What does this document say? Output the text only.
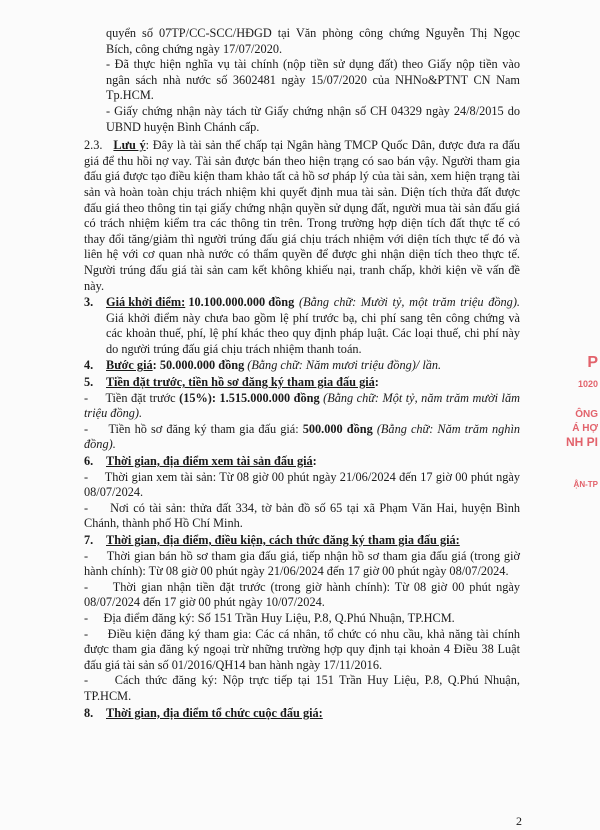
quyển số 07TP/CC-SCC/HĐGD tại Văn phòng công chứng Nguyễn Thị Ngọc Bích, công chứng ngày 17/07/2020.

- Đã thực hiện nghĩa vụ tài chính (nộp tiền sử dụng đất) theo Giấy nộp tiền vào ngân sách nhà nước số 3602481 ngày 15/07/2020 của NHNo&PTNT CN Nam Tp.HCM.

- Giấy chứng nhận này tách từ Giấy chứng nhận số CH 04329 ngày 24/8/2015 do UBND huyện Bình Chánh cấp.

2.3. Lưu ý: Đây là tài sản thế chấp tại Ngân hàng TMCP Quốc Dân, được đưa ra đấu giá để thu hồi nợ vay. Tài sản được bán theo hiện trạng có sao bán vậy. Người tham gia đấu giá được tạo điều kiện tham khảo tất cả hồ sơ pháp lý của tài sản, xem hiện trạng tài sản và hoàn toàn chịu trách nhiệm khi quyết định mua tài sản. Diện tích thửa đất được đấu giá theo thông tin tại giấy chứng nhận quyền sử dụng đất, người mua tài sản đấu giá có trách nhiệm kiểm tra các thông tin trên. Trong trường hợp diện tích đất thực tế có thay đổi tăng/giảm thì người trúng đấu giá chịu trách nhiệm với diện tích thực tế đó và liên hệ với cơ quan nhà nước có thẩm quyền để được ghi nhận diện tích theo thực tế. Người trúng đấu giá tài sản cam kết không khiếu nại, tranh chấp, khởi kiện về vấn đề này.

3.	Giá khởi điểm:
10.100.000.000 đồng (Bằng chữ: Mười tỷ, một trăm triệu đồng). Giá khởi điểm này chưa bao gồm lệ phí trước bạ, chi phí sang tên công chứng và các khoản thuế, phí, lệ phí khác theo quy định pháp luật. Các loại thuế, chi phí này do người trúng đấu giá chịu trách nhiệm thanh toán.

4.	Bước giá :
50.000.000 đồng
(Bằng chữ: Năm mươi triệu đồng)/ lần.
5.	Tiền đặt trước, tiền hồ sơ đăng ký tham gia đấu giá :

-     Tiền đặt trước (15%): 1.515.000.000 đồng (Bằng chữ: Một tỷ, năm trăm mười lăm triệu đồng).

-     Tiền hồ sơ đăng ký tham gia đấu giá: 500.000 đồng (Bằng chữ: Năm trăm nghìn đồng).

6.	Thời gian, địa điểm xem tài sản đấu giá :

-     Thời gian xem tài sản: Từ 08 giờ 00 phút ngày 21/06/2024 đến 17 giờ 00 phút ngày 08/07/2024.

-     Nơi có tài sản: thửa đất 334, tờ bản đồ số 65 tại xã Phạm Văn Hai, huyện Bình Chánh, thành phố Hồ Chí Minh.

7.	Thời gian, địa điểm, điều kiện, cách thức đăng ký tham gia đấu giá:

-     Thời gian bán hồ sơ tham gia đấu giá, tiếp nhận hồ sơ tham gia đấu giá (trong giờ hành chính): Từ 08 giờ 00 phút ngày 21/06/2024 đến 17 giờ 00 phút ngày 08/07/2024.

-     Thời gian nhận tiền đặt trước (trong giờ hành chính): Từ 08 giờ 00 phút ngày 08/07/2024 đến 17 giờ 00 phút ngày 10/07/2024.

-     Địa điểm đăng ký: Số 151 Trần Huy Liệu, P.8, Q.Phú Nhuận, TP.HCM.

-     Điều kiện đăng ký tham gia: Các cá nhân, tổ chức có nhu cầu, khả năng tài chính được tham gia đăng ký ngoại trừ những trường hợp quy định tại khoản 4 Điều 38 Luật đấu giá tài sản số 01/2016/QH14 ban hành ngày 17/11/2016.

-     Cách thức đăng ký: Nộp trực tiếp tại 151 Trần Huy Liệu, P.8, Q.Phú Nhuận, TP.HCM.

8.	Thời gian, địa điểm tổ chức cuộc đấu giá:
P
1020
ÔNG
Á HỢ
NH PI
ẬN-TP
2
